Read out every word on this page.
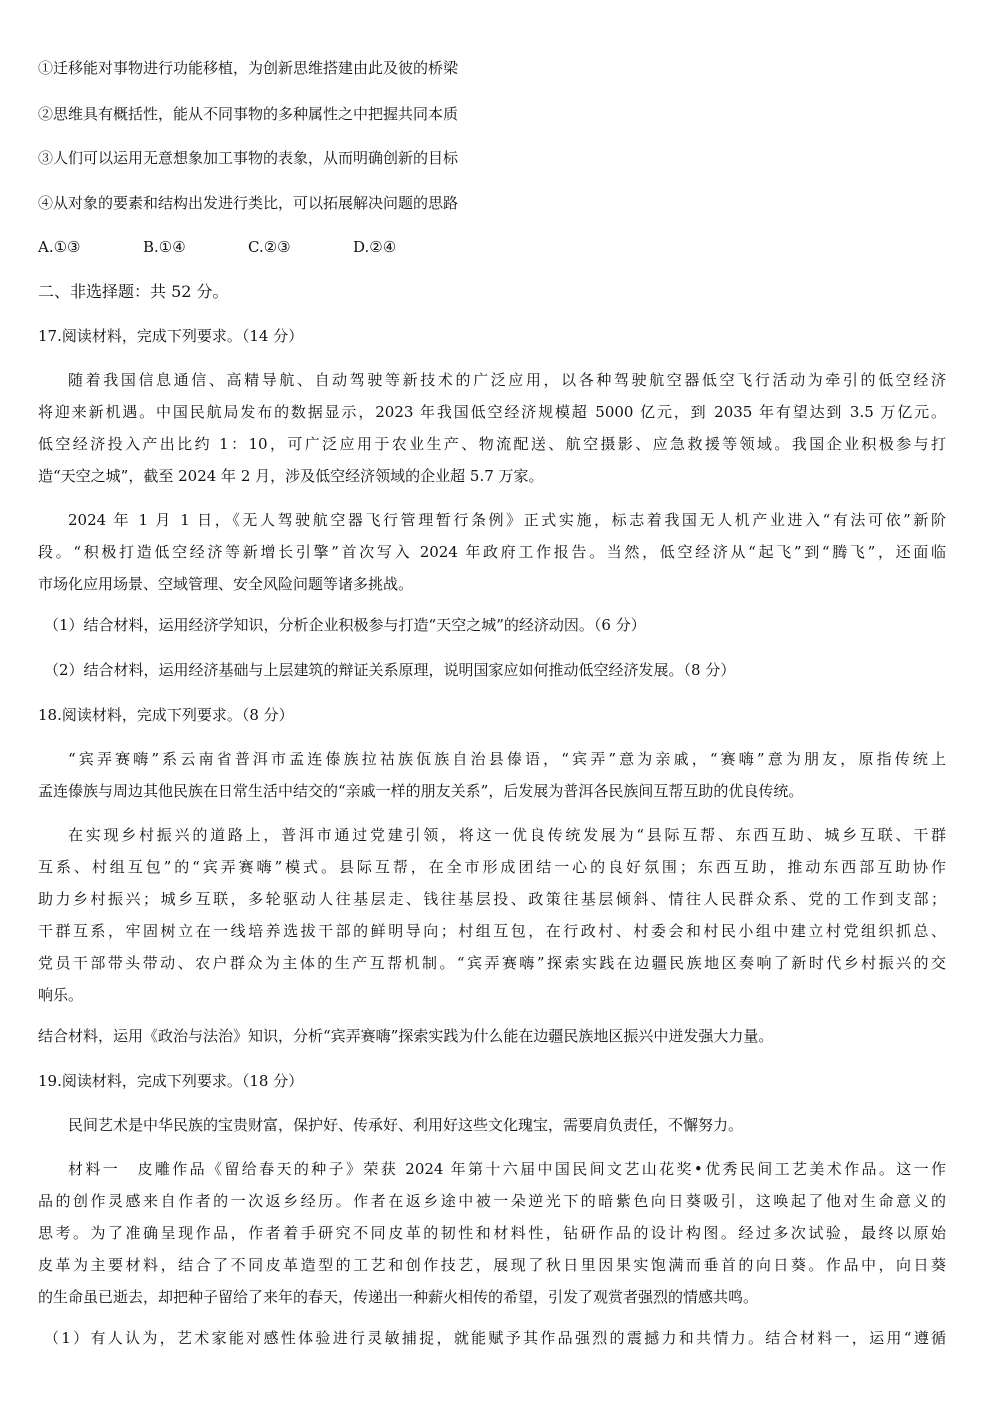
①迁移能对事物进行功能移植，为创新思维搭建由此及彼的桥梁
②思维具有概括性，能从不同事物的多种属性之中把握共同本质
③人们可以运用无意想象加工事物的表象，从而明确创新的目标
④从对象的要素和结构出发进行类比，可以拓展解决问题的思路
A.①③	B.①④	C.②③	D.②④
二、非选择题：共 52 分。
17.阅读材料，完成下列要求。（14 分）
随着我国信息通信、高精导航、自动驾驶等新技术的广泛应用，以各种驾驶航空器低空飞行活动为牵引的低空经济
将迎来新机遇。中国民航局发布的数据显示，2023 年我国低空经济规模超 5000 亿元，到 2035 年有望达到 3.5 万亿元。
低空经济投入产出比约 1：10，可广泛应用于农业生产、物流配送、航空摄影、应急救援等领域。我国企业积极参与打
造“天空之城”，截至 2024 年 2 月，涉及低空经济领域的企业超 5.7 万家。
2024 年 1 月 1 日，《无人驾驶航空器飞行管理暂行条例》正式实施，标志着我国无人机产业进入“有法可依”新阶
段。“积极打造低空经济等新增长引擎”首次写入 2024 年政府工作报告。当然，低空经济从“起飞”到“腾飞”，还面临
市场化应用场景、空域管理、安全风险问题等诸多挑战。
（1）结合材料，运用经济学知识，分析企业积极参与打造“天空之城”的经济动因。（6 分）
（2）结合材料，运用经济基础与上层建筑的辩证关系原理，说明国家应如何推动低空经济发展。（8 分）
18.阅读材料，完成下列要求。（8 分）
“宾弄赛嗨”系云南省普洱市孟连傣族拉祜族佤族自治县傣语，“宾弄”意为亲戚，“赛嗨”意为朋友，原指传统上
孟连傣族与周边其他民族在日常生活中结交的“亲戚一样的朋友关系”，后发展为普洱各民族间互帮互助的优良传统。
在实现乡村振兴的道路上，普洱市通过党建引领，将这一优良传统发展为“县际互帮、东西互助、城乡互联、干群
互系、村组互包”的“宾弄赛嗨”模式。县际互帮，在全市形成团结一心的良好氛围；东西互助，推动东西部互助协作
助力乡村振兴；城乡互联，多轮驱动人往基层走、钱往基层投、政策往基层倾斜、情往人民群众系、党的工作到支部；
干群互系，牢固树立在一线培养选拔干部的鲜明导向；村组互包，在行政村、村委会和村民小组中建立村党组织抓总、
党员干部带头带动、农户群众为主体的生产互帮机制。“宾弄赛嗨”探索实践在边疆民族地区奏响了新时代乡村振兴的交
响乐。
结合材料，运用《政治与法治》知识，分析“宾弄赛嗨”探索实践为什么能在边疆民族地区振兴中迸发强大力量。
19.阅读材料，完成下列要求。（18 分）
民间艺术是中华民族的宝贵财富，保护好、传承好、利用好这些文化瑰宝，需要肩负责任，不懈努力。
材料一　皮雕作品《留给春天的种子》荣获 2024 年第十六届中国民间文艺山花奖•优秀民间工艺美术作品。这一作
品的创作灵感来自作者的一次返乡经历。作者在返乡途中被一朵逆光下的暗紫色向日葵吸引，这唤起了他对生命意义的
思考。为了准确呈现作品，作者着手研究不同皮革的韧性和材料性，钻研作品的设计构图。经过多次试验，最终以原始
皮革为主要材料，结合了不同皮革造型的工艺和创作技艺，展现了秋日里因果实饱满而垂首的向日葵。作品中，向日葵
的生命虽已逝去，却把种子留给了来年的春天，传递出一种薪火相传的希望，引发了观赏者强烈的情感共鸣。
（1）有人认为，艺术家能对感性体验进行灵敏捕捉，就能赋予其作品强烈的震撼力和共情力。结合材料一，运用“遵循
